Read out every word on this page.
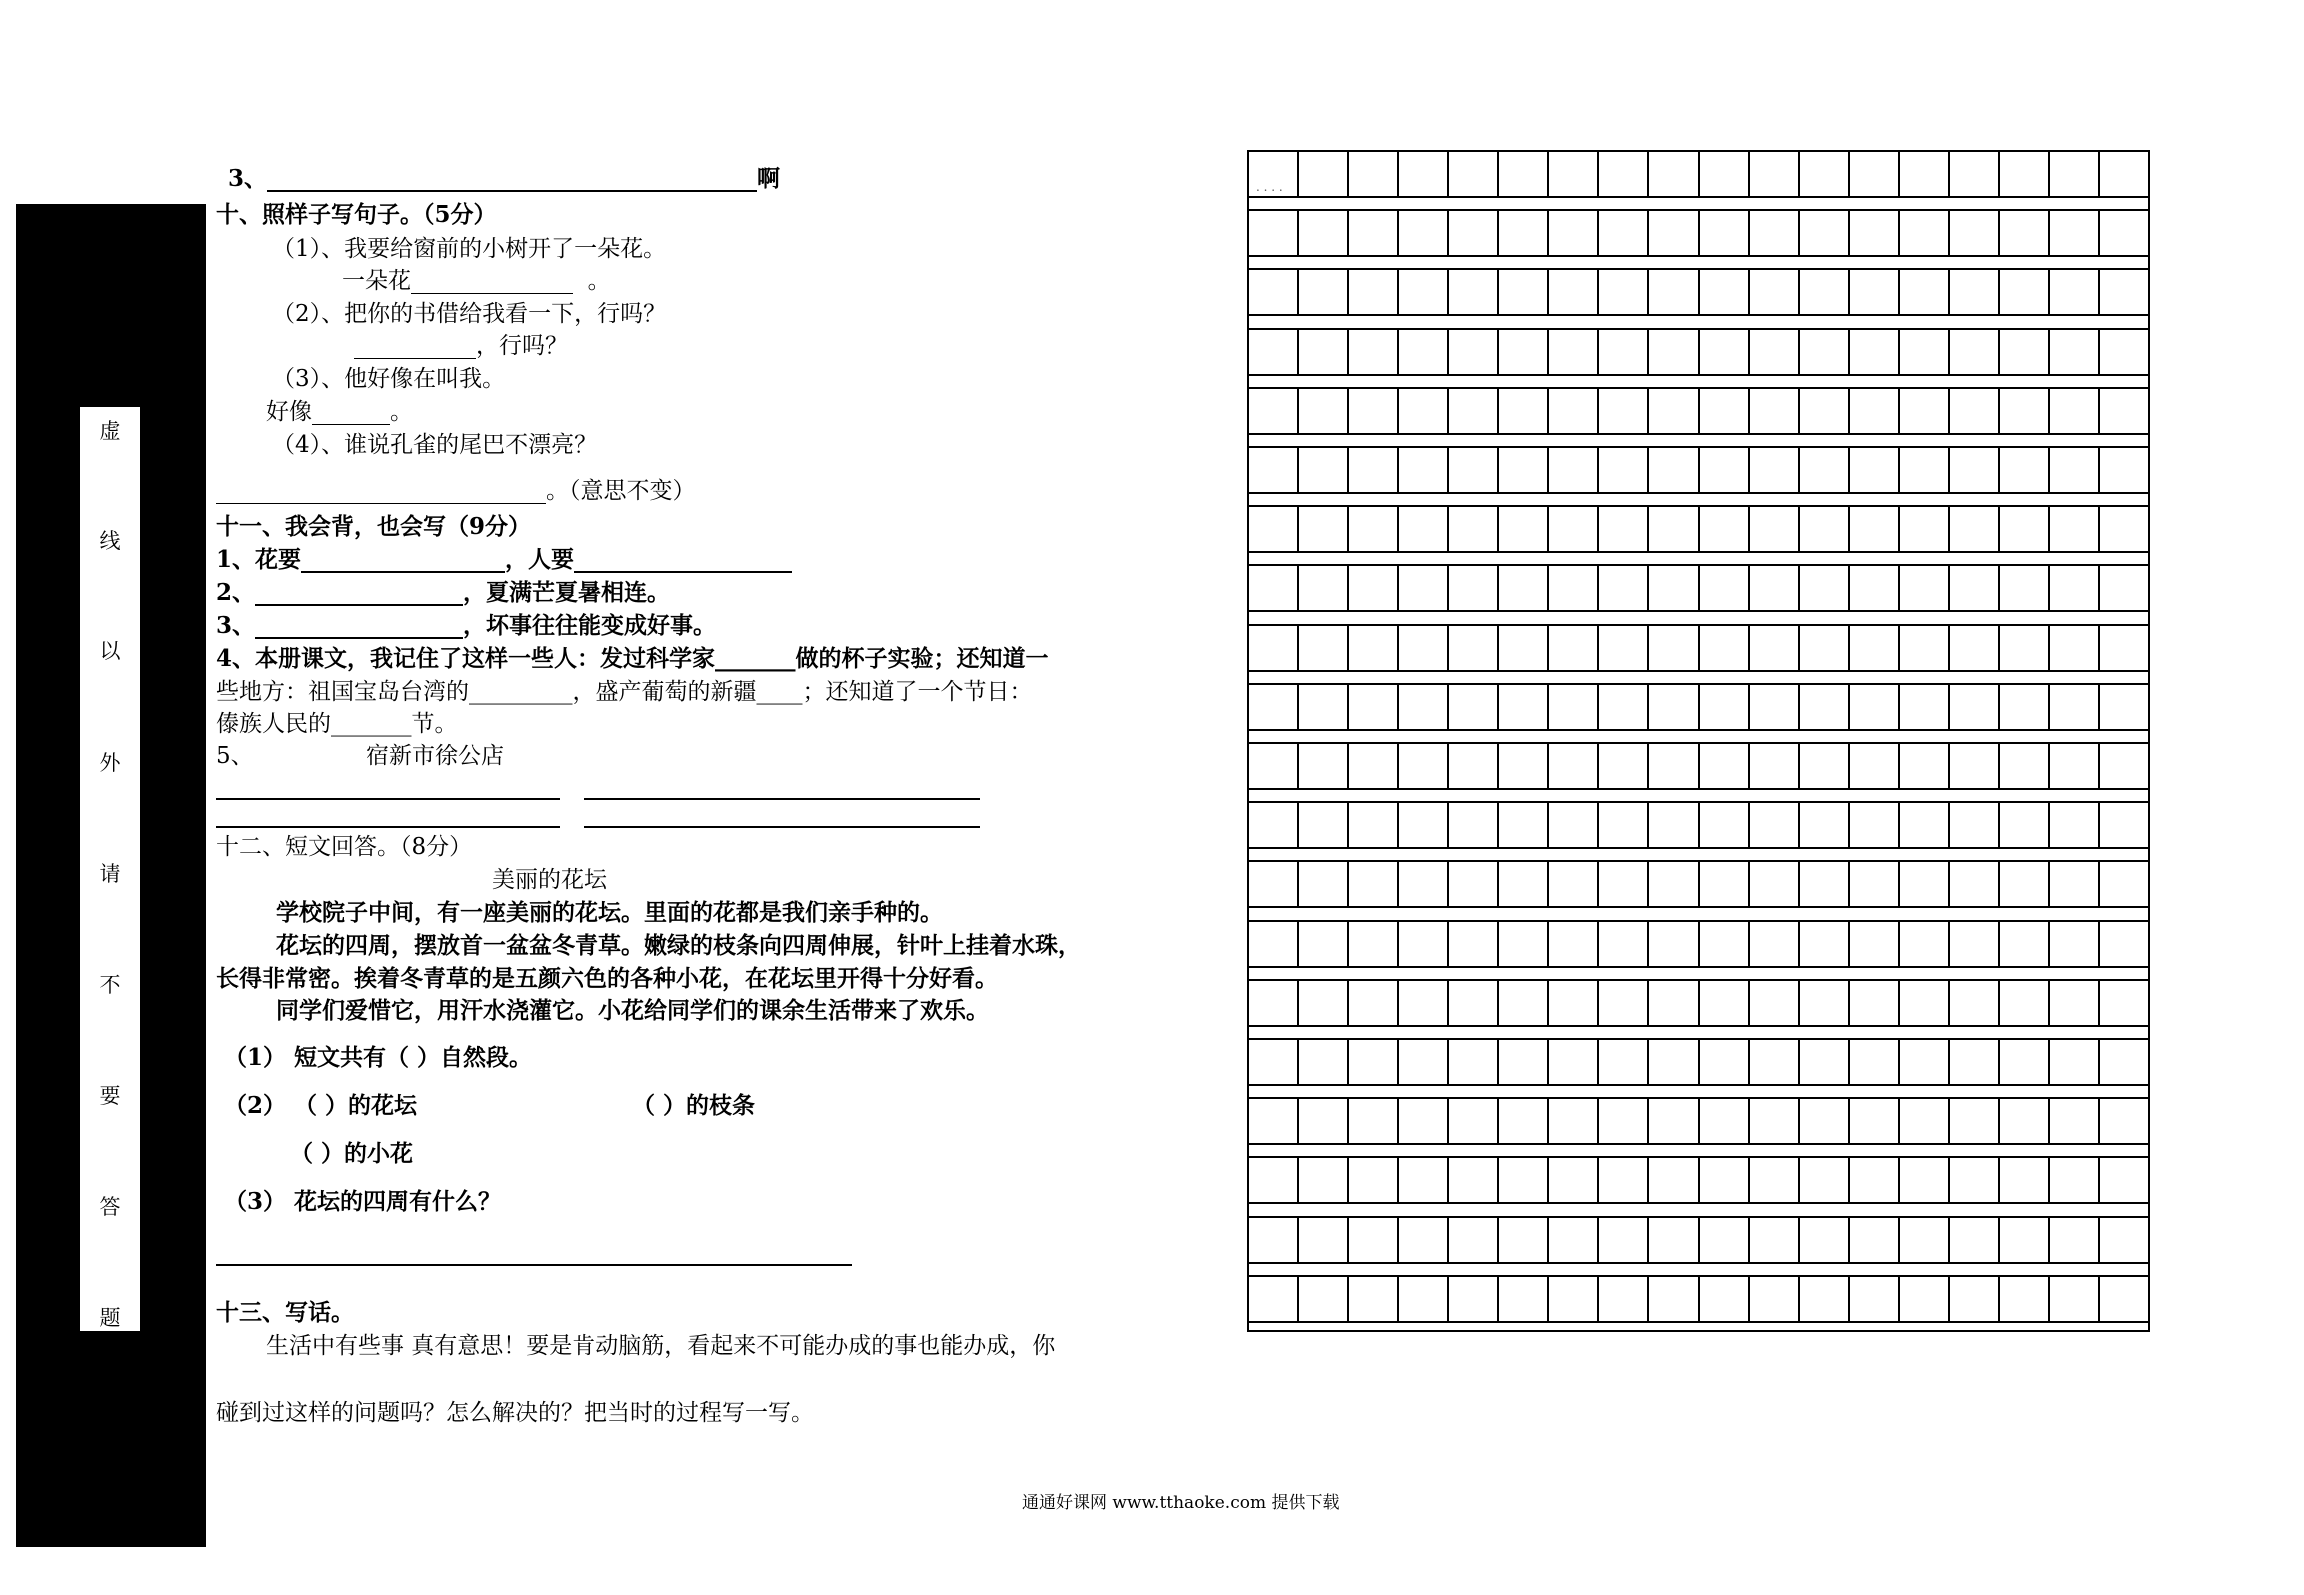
虚
线
以
外
请
不
要
答
题
3、	啊
十、照样子写句子。（5分）
（1）、我要给窗前的小树开了一朵花。
一朵花	。
（2）、把你的书借给我看一下，行吗？
，行吗？
（3）、他好像在叫我。
好像	。
（4）、谁说孔雀的尾巴不漂亮？
。（意思不变）
十一、我会背，也会写（9分）
1、花要	，人要
2、	，夏满芒夏暑相连。
3、	，坏事往往能变成好事。
4、本册课文，我记住了这样一些人：发过科学家_______做的杯子实验；还知道一
些地方：祖国宝岛台湾的_________，盛产葡萄的新疆____；还知道了一个节日：
傣族人民的_______节。
5、	宿新市徐公店
十二、短文回答。（8分）
美丽的花坛
学校院子中间，有一座美丽的花坛。里面的花都是我们亲手种的。
花坛的四周，摆放首一盆盆冬青草。嫩绿的枝条向四周伸展，针叶上挂着水珠，
长得非常密。挨着冬青草的是五颜六色的各种小花，在花坛里开得十分好看。
同学们爱惜它，用汗水浇灌它。小花给同学们的课余生活带来了欢乐。
（1） 短文共有（ ）自然段。
（2） （ ）的花坛	（ ）的枝条
（ ）的小花
（3） 花坛的四周有什么？
十三、写话。
生活中有些事 真有意思！要是肯动脑筋，看起来不可能办成的事也能办成，你
碰到过这样的问题吗？怎么解决的？把当时的过程写一写。
. . . .
通通好课网 www.tthaoke.com 提供下载
